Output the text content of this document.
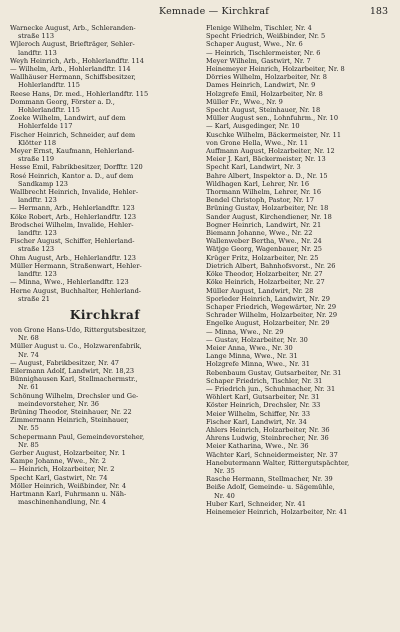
Kemnade — Kirchkraf	183
Warnecke August, Arb., Schleranden-
straße 113
Wjleroch August, Briefträger, Sehler-
landftr. 113
Weyh Heinrich, Arb., Hohlerlandftr. 114
— Wilhelm, Arb., Hohlerlandftr. 114
Wallhäuser Hermann, Schiffsbesitzer,
Hohlerlandftr. 115
Reese Hans, Dr. med., Hohlerlandftr. 115
Dommann Georg, Förster a. D.,
Hohlerlandftr. 115
Zoeke Wilhelm, Landwirt, auf dem
Hohlerfelde 117
Fischer Heinrich, Schneider, auf dem
Klötter 118
Meyer Ernst, Kaufmann, Hehlerland-
straße 119
Hesse Emil, Fabrikbesitzer, Dorfftr. 120
Rosé Heinrich, Kantor a. D., auf dem
Sandkamp 123
Wallbrecht Heinrich, Invalide, Hehler-
landftr. 123
— Hermann, Arb., Hehlerlandftr. 123
Köke Robert, Arb., Hehlerlandftr. 123
Brodschei Wilhelm, Invalide, Hehler-
landftr. 123
Fischer August, Schiffer, Hehlerland-
straße 123
Ohm August, Arb., Hehlerlandftr. 123
Müller Hermann, Straßenwart, Hehler-
landftr. 123
— Minna, Wwe., Hehlerlandftr. 123
Herne August, Buchhalter, Hehlerland-
straße 21
Kirchkraf
von Grone Hans-Udo, Rittergutsbesitzer,
Nr. 68
Müller August u. Co., Holzwarenfabrik,
Nr. 74
— August, Fabrikbesitzer, Nr. 47
Eilermann Adolf, Landwirt, Nr. 18,23
Bünnighausen Karl, Stellmachermstr.,
Nr. 61
Schönung Wilhelm, Drechsler und Ge-
meindevorsteher, Nr. 36
Brüning Theodor, Steinhauer, Nr. 22
Zimmermann Heinrich, Steinhauer,
Nr. 55
Schepermann Paul, Gemeindevorsteher,
Nr. 85
Gerber August, Holzarbeiter, Nr. 1
Kampe Johanne, Wwe., Nr. 2
— Heinrich, Holzarbeiter, Nr. 2
Specht Karl, Gastwirt, Nr. 74
Möller Heinrich, Weißbinder, Nr. 4
Hartmann Karl, Fuhrmann u. Näh-
maschinenhandlung, Nr. 4
Flenige Wilhelm, Tischler, Nr. 4
Specht Friedrich, Weißbinder, Nr. 5
Schaper August, Wwe., Nr. 6
— Heinrich, Tischlermeister, Nr. 6
Meyer Wilhelm, Gastwirt, Nr. 7
Heinemeyer Heinrich, Holzarbeiter, Nr. 8
Dörries Wilhelm, Holzarbeiter, Nr. 8
Dames Heinrich, Landwirt, Nr. 9
Holzgrefe Emil, Holzarbeiter, Nr. 8
Müller Fr., Wwe., Nr. 9
Specht August, Steinhauer, Nr. 18
Müller August sen., Lohnfuhrm., Nr. 10
— Karl, Ausgedinger, Nr. 10
Kuschke Wilhelm, Bäckermeister, Nr. 11
von Grone Hella, Wwe., Nr. 11
Auffmann August, Holzarbeiter, Nr. 12
Meier J. Karl, Bäckermeister, Nr. 13
Specht Karl, Landwirt, Nr. 3
Bahre Albert, Inspektor a. D., Nr. 15
Wildhagen Karl, Lehrer, Nr. 16
Thormann Wilhelm, Lehrer, Nr. 16
Bendel Christoph, Pastor, Nr. 17
Brüning Gustav, Holzarbeiter, Nr. 18
Sander August, Kirchendiener, Nr. 18
Bogner Heinrich, Landwirt, Nr. 21
Biemann Johanne, Wwe., Nr. 22
Wallenweber Bertha, Wwe., Nr. 24
Wätjge Georg, Wagenbauer, Nr. 25
Krüger Fritz, Holzarbeiter, Nr. 25
Dietrich Albert, Bahnhofsvorst., Nr. 26
Köke Theodor, Holzarbeiter, Nr. 27
Köke Heinrich, Holzarbeiter, Nr. 27
Müller August, Landwirt, Nr. 28
Sporleder Heinrich, Landwirt, Nr. 29
Schaper Friedrich, Wegewärter, Nr. 29
Schrader Wilhelm, Holzarbeiter, Nr. 29
Engelke August, Holzarbeiter, Nr. 29
— Minna, Wwe., Nr. 29
— Gustav, Holzarbeiter, Nr. 30
Meier Anna, Wwe., Nr. 30
Lange Minna, Wwe., Nr. 31
Holzgrefe Minna, Wwe., Nr. 31
Rebenbaum Gustav, Gutsarbeiter, Nr. 31
Schaper Friedrich, Tischler, Nr. 31
— Friedrich jun., Schuhmacher, Nr. 31
Wöhlert Karl, Gutsarbeiter, Nr. 31
Köster Heinrich, Drechsler, Nr. 33
Meier Wilhelm, Schiffer, Nr. 33
Fischer Karl, Landwirt, Nr. 34
Ahlers Heinrich, Holzarbeiter, Nr. 36
Ahrens Ludwig, Steinbrecher, Nr. 36
Meier Katharina, Wwe., Nr. 36
Wächter Karl, Schneidermeister, Nr. 37
Hanebutermann Walter, Rittergutspächter,
Nr. 35
Rasche Hermann, Stellmacher, Nr. 39
Beiße Adolf, Gemeinde- u. Sägemühle,
Nr. 40
Huber Karl, Schneider, Nr. 41
Heinemeier Heinrich, Holzarbeiter, Nr. 41
